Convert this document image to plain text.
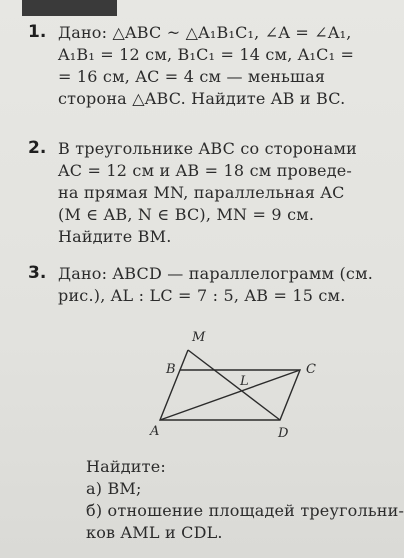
1. Дано: △ABC ~ △A₁B₁C₁, ∠A = ∠A₁,
A₁B₁ = 12 см, B₁C₁ = 14 см, A₁C₁ =
= 16 см, AC = 4 см — меньшая
сторона △ABC. Найдите AB и BC.
2. В треугольнике ABC со сторонами
AC = 12 см и AB = 18 см проведе-
на прямая MN, параллельная AC
(M ∈ AB, N ∈ BC), MN = 9 см.
Найдите BM.
3. Дано: ABCD — параллелограмм (см.
рис.), AL : LC = 7 : 5, AB = 15 см.
M
B	C
L
A	D
Найдите:
а) BM;
б) отношение площадей треугольни-
ков AML и CDL.
